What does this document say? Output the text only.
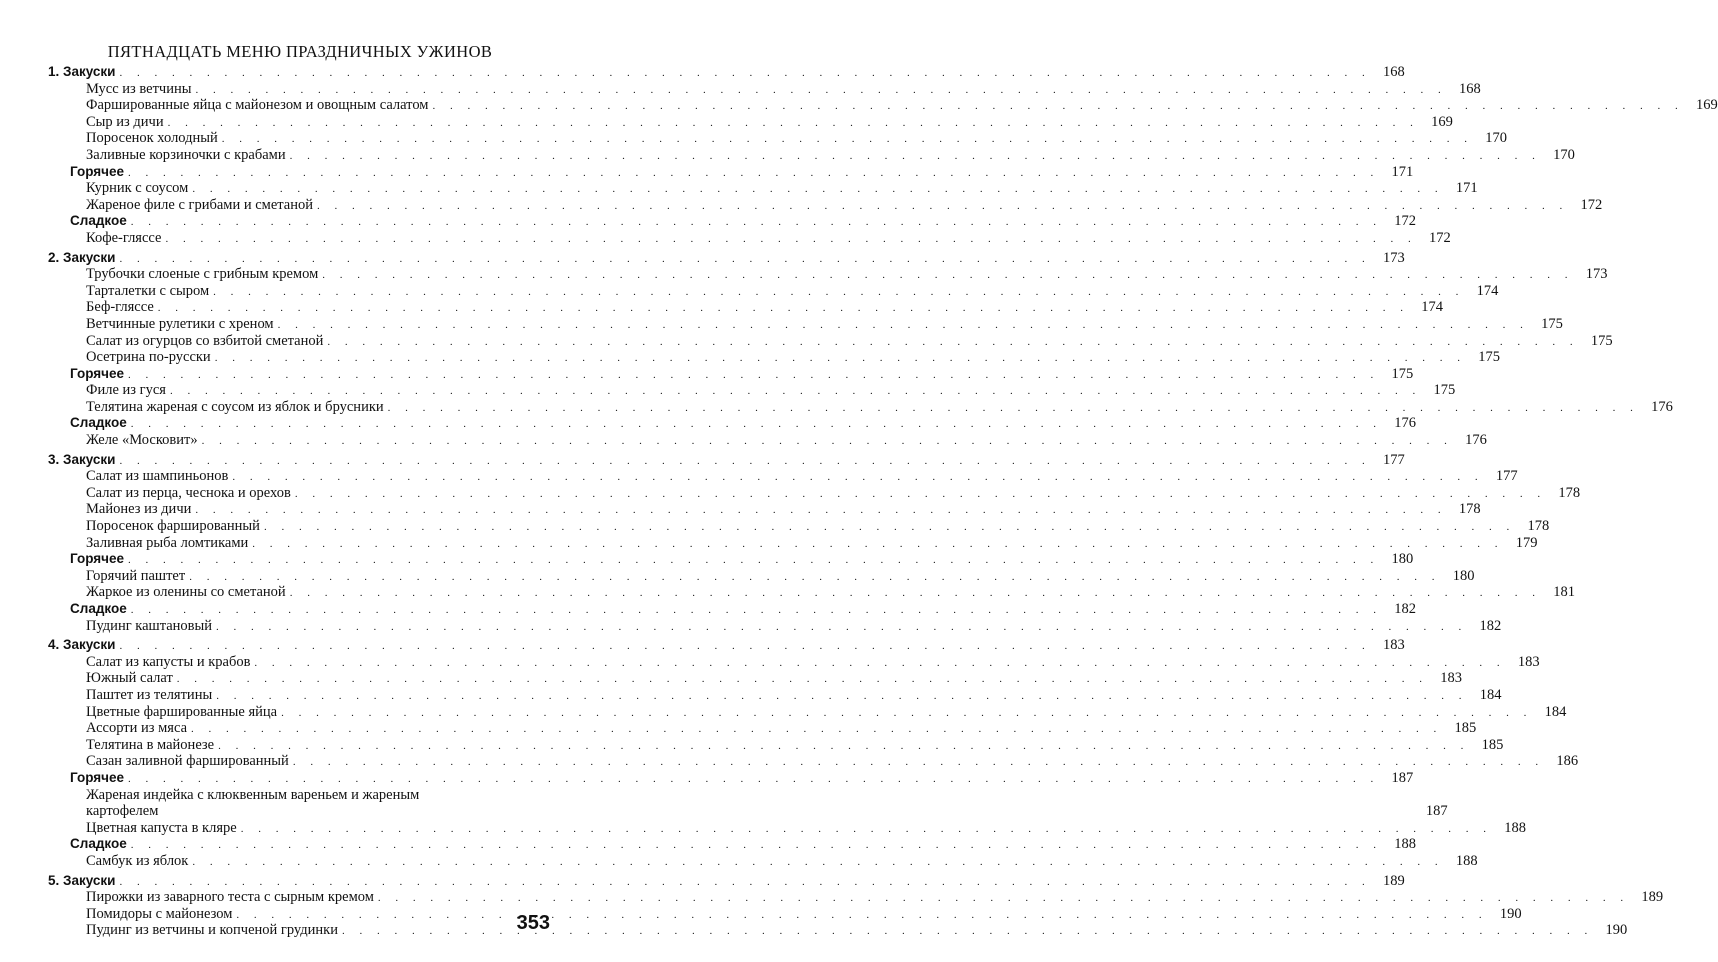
ПЯТНАДЦАТЬ МЕНЮ ПРАЗДНИЧНЫХ УЖИНОВ
1. Закуски . . .	168
Мусс из ветчины . . .	168
Фаршированные яйца с майонезом и овощным салатом . . .	169
Сыр из дичи . . .	169
Поросенок холодный . . .	170
Заливные корзиночки с крабами . . .	170
Горячее . . .	171
Курник с соусом . . .	171
Жареное филе с грибами и сметаной . . .	172
Сладкое . . .	172
Кофе-гляссе . . .	172
2. Закуски . . .	173
Трубочки слоеные с грибным кремом . . .	173
Тарталетки с сыром . . .	174
Беф-гляссе . . .	174
Ветчинные рулетики с хреном . . .	175
Салат из огурцов со взбитой сметаной . . .	175
Осетрина по-русски . . .	175
Горячее . . .	175
Филе из гуся . . .	175
Телятина жареная с соусом из яблок и брусники . . .	176
Сладкое . . .	176
Желе «Московит» . . .	176
3. Закуски . . .	177
Салат из шампиньонов . . .	177
Салат из перца, чеснока и орехов . . .	178
Майонез из дичи . . .	178
Поросенок фаршированный . . .	178
Заливная рыба ломтиками . . .	179
Горячее . . .	180
Горячий паштет . . .	180
Жаркое из оленины со сметаной . . .	181
Сладкое . . .	182
Пудинг каштановый . . .	182
4. Закуски . . .	183
Салат из капусты и крабов . . .	183
Южный салат . . .	183
Паштет из телятины . . .	184
Цветные фаршированные яйца . . .	184
Ассорти из мяса . . .	185
Телятина в майонезе . . .	185
Сазан заливной фаршированный . . .	186
Горячее . . .	187
Жареная индейка с клюквенным вареньем и жареным
картофелем	187
Цветная капуста в кляре . . .	188
Сладкое . . .	188
Самбук из яблок . . .	188
5. Закуски . . .	189
Пирожки из заварного теста с сырным кремом . . .	189
Помидоры с майонезом . . .	190
Пудинг из ветчины и копченой грудинки . . .	190
353
